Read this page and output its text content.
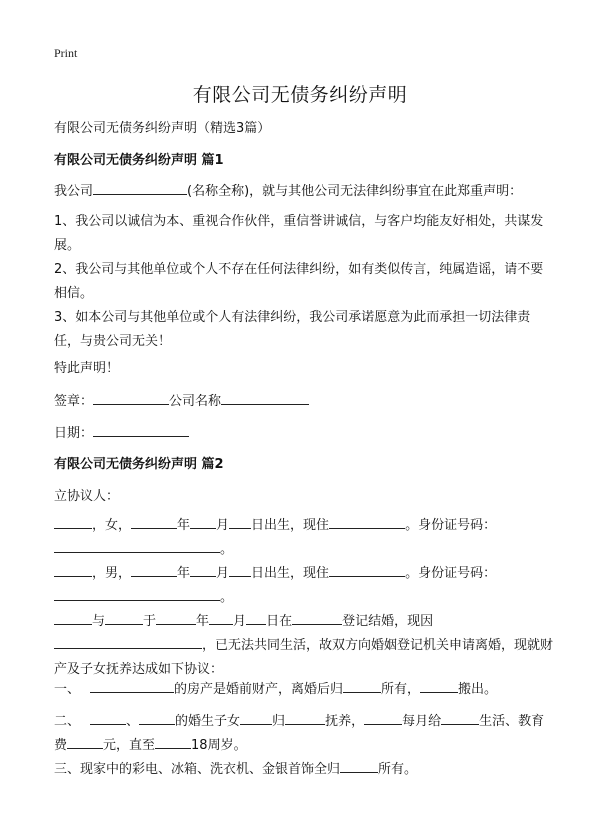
Print
有限公司无债务纠纷声明
有限公司无债务纠纷声明（精选3篇）
有限公司无债务纠纷声明 篇1
我公司	(名称全称)，就与其他公司无法律纠纷事宜在此郑重声明：
1、我公司以诚信为本、重视合作伙伴，重信誉讲诚信，与客户均能友好相处，共谋发展。
2、我公司与其他单位或个人不存在任何法律纠纷，如有类似传言，纯属造谣，请不要相信。
3、如本公司与其他单位或个人有法律纠纷，我公司承诺愿意为此而承担一切法律责任，与贵公司无关！
特此声明！
签章：	公司名称
日期：
有限公司无债务纠纷声明 篇2
立协议人：
，女，	年 月 日出生，现住	。身份证号码：
。
，男，	年 月 日出生，现住	。身份证号码：
。
与	于	年 月 日在	登记结婚，现因
，已无法共同生活，故双方向婚姻登记机关申请离婚，现就财产及子女抚养达成如下协议：
一、	的房产是婚前财产，离婚后归	所有，	搬出。
二、	、	的婚生子女 归	抚养，	每月给	生活、教育费	元，直至	18周岁。
三、现家中的彩电、冰箱、洗衣机、金银首饰全归	所有。
